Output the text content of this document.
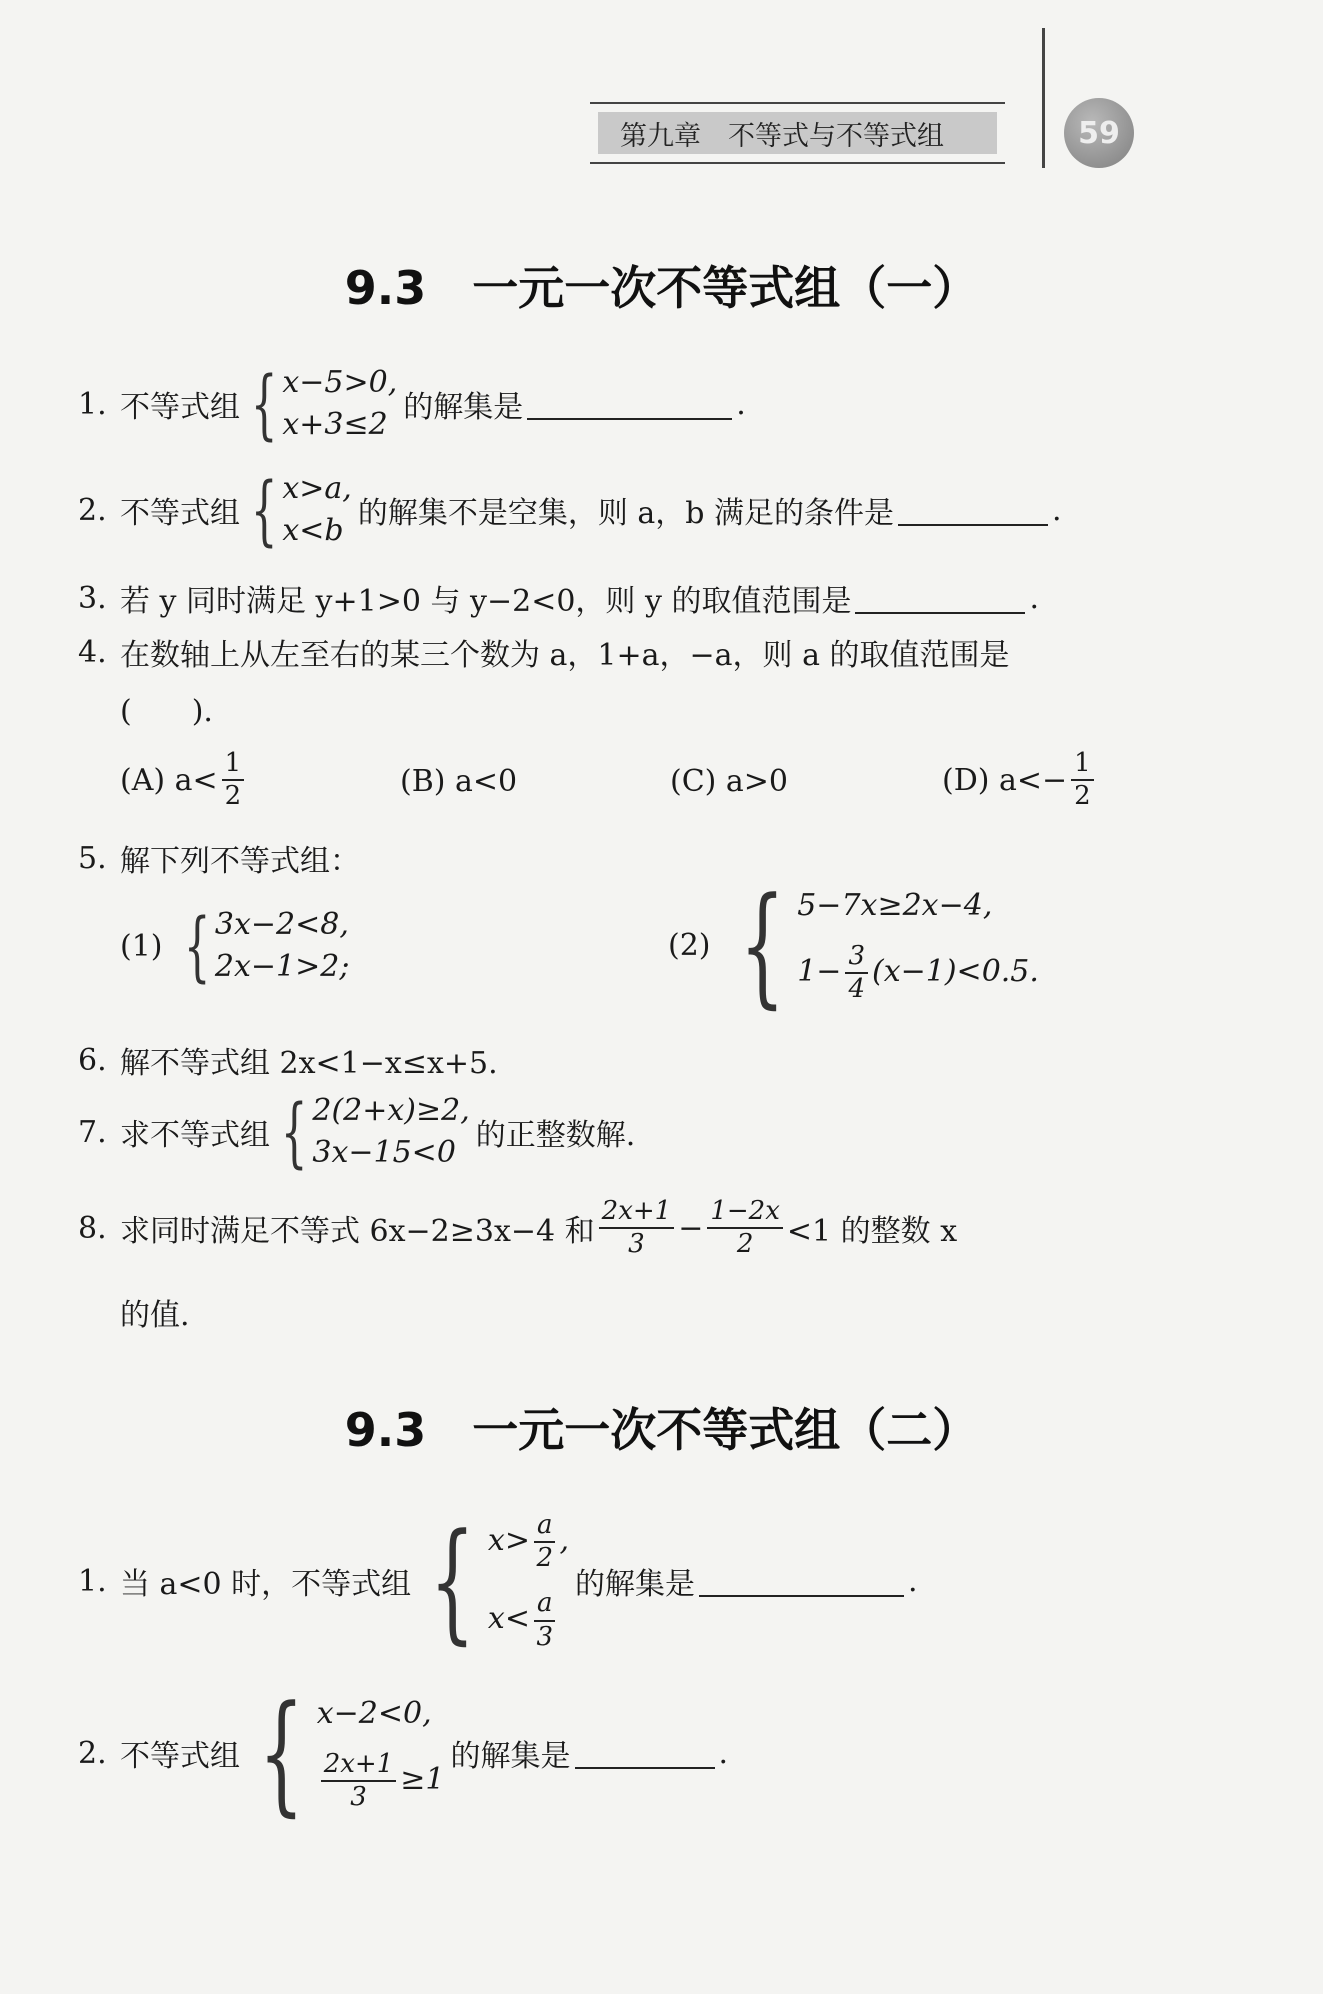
第九章　不等式与不等式组	59
9.3　一元一次不等式组（一）
1. 不等式组 { x−5>0,
x+3≤2 的解集是	.
2. 不等式组 { x>a,
x<b 的解集不是空集，则 a，b 满足的条件是	.
3. 若 y 同时满足 y+1>0 与 y−2<0，则 y 的取值范围是	.
4. 在数轴上从左至右的某三个数为 a，1+a，−a，则 a 的取值范围是
(　　).
(A) $a< \frac{1}{2}$	(B) a<0	(C) a>0	(D) $a<- \frac{1}{2}$
5. 解下列不等式组：
(1) { 3x−2<8,
2x−1>2;
(2) { 5−7x≥2x−4,
$1- \frac{3}{4} (x-1)<0.5$.
6. 解不等式组 2x<1−x≤x+5.
7. 求不等式组 { 2(2+x)≥2,
3x−15<0 的正整数解.
8. 求同时满足不等式 6x−2≥3x−4 和 $\frac{2x+1}{3} - \frac{1-2x}{2} <1$ 的整数 x
的值.
9.3　一元一次不等式组（二）
1. 当 a<0 时，不等式组 { $x> \frac{a}{2}$ ,
$x< \frac{a}{3}$
的解集是	.
2. 不等式组 { x−2<0,
$\frac{2x+1}{3} \ge 1$
的解集是	.
